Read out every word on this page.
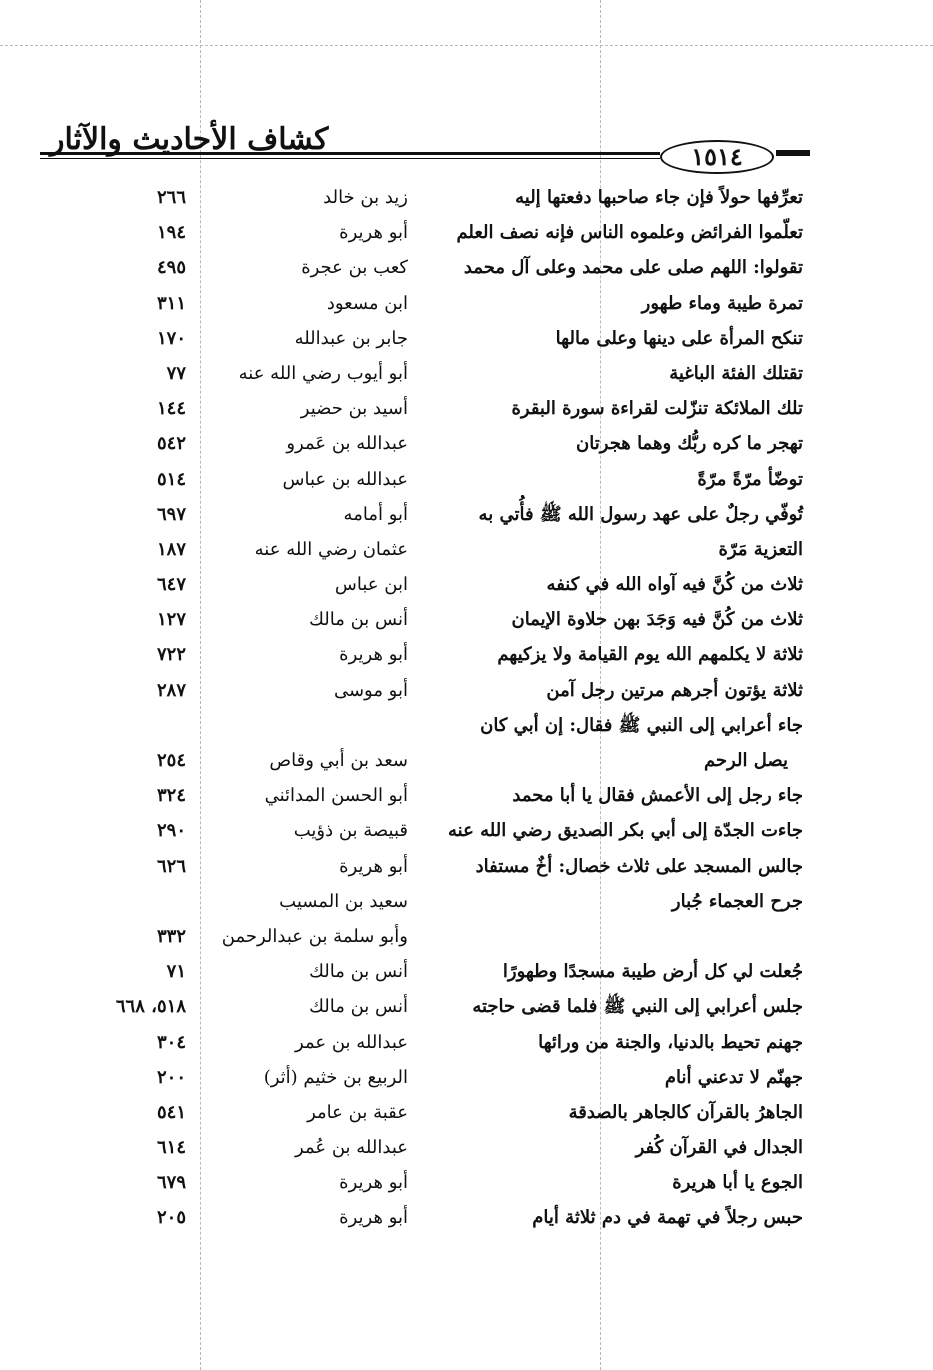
كشاف الأحاديث والآثار	١٥١٤
تعرِّفها حولاً فإن جاء صاحبها دفعتها إليه
زيد بن خالد
٢٦٦
تعلّموا الفرائض وعلموه الناس فإنه نصف العلم
أبو هريرة
١٩٤
تقولوا: اللهم صلى على محمد وعلى آل محمد
كعب بن عجرة
٤٩٥
تمرة طيبة وماء طهور
ابن مسعود
٣١١
تنكح المرأة على دينها وعلى مالها
جابر بن عبدالله
١٧٠
تقتلك الفئة الباغية
أبو أيوب رضي الله عنه
٧٧
تلك الملائكة تنزّلت لقراءة سورة البقرة
أسيد بن حضير
١٤٤
تهجر ما كره ربُّك وهما هجرتان
عبدالله بن عَمرو
٥٤٢
توضّأ مرّةً مرّةً
عبدالله بن عباس
٥١٤
تُوفّي رجلٌ على عهد رسول الله ﷺ فأُتي به
أبو أمامه
٦٩٧
التعزية مَرّة
عثمان رضي الله عنه
١٨٧
ثلاث من كُنَّ فيه آواه الله في كنفه
ابن عباس
٦٤٧
ثلاث من كُنَّ فيه وَجَدَ بهن حلاوة الإيمان
أنس بن مالك
١٢٧
ثلاثة لا يكلمهم الله يوم القيامة ولا يزكيهم
أبو هريرة
٧٢٢
ثلاثة يؤتون أجرهم مرتين رجل آمن
أبو موسى
٢٨٧
جاء أعرابي إلى النبي ﷺ فقال: إن أبي كان
يصل الرحم
سعد بن أبي وقاص
٢٥٤
جاء رجل إلى الأعمش فقال يا أبا محمد
أبو الحسن المدائني
٣٢٤
جاءت الجدّة إلى أبي بكر الصديق رضي الله عنه
قبيصة بن ذؤيب
٢٩٠
جالس المسجد على ثلاث خصال: أخٌ مستفاد
أبو هريرة
٦٢٦
جرح العجماء جُبار
سعيد بن المسيب
وأبو سلمة بن عبدالرحمن
٣٣٢
جُعلت لي كل أرض طيبة مسجدًا وطهورًا
أنس بن مالك
٧١
جلس أعرابي إلى النبي ﷺ فلما قضى حاجته
أنس بن مالك
٥١٨، ٦٦٨
جهنم تحيط بالدنيا، والجنة من ورائها
عبدالله بن عمر
٣٠٤
جهنّم لا تدعني أنام
الربيع بن خثيم (أثر)
٢٠٠
الجاهرُ بالقرآن كالجاهر بالصدقة
عقبة بن عامر
٥٤١
الجدال في القرآن كُفر
عبدالله بن عُمر
٦١٤
الجوع يا أبا هريرة
أبو هريرة
٦٧٩
حبس رجلاً في تهمة في دم ثلاثة أيام
أبو هريرة
٢٠٥
